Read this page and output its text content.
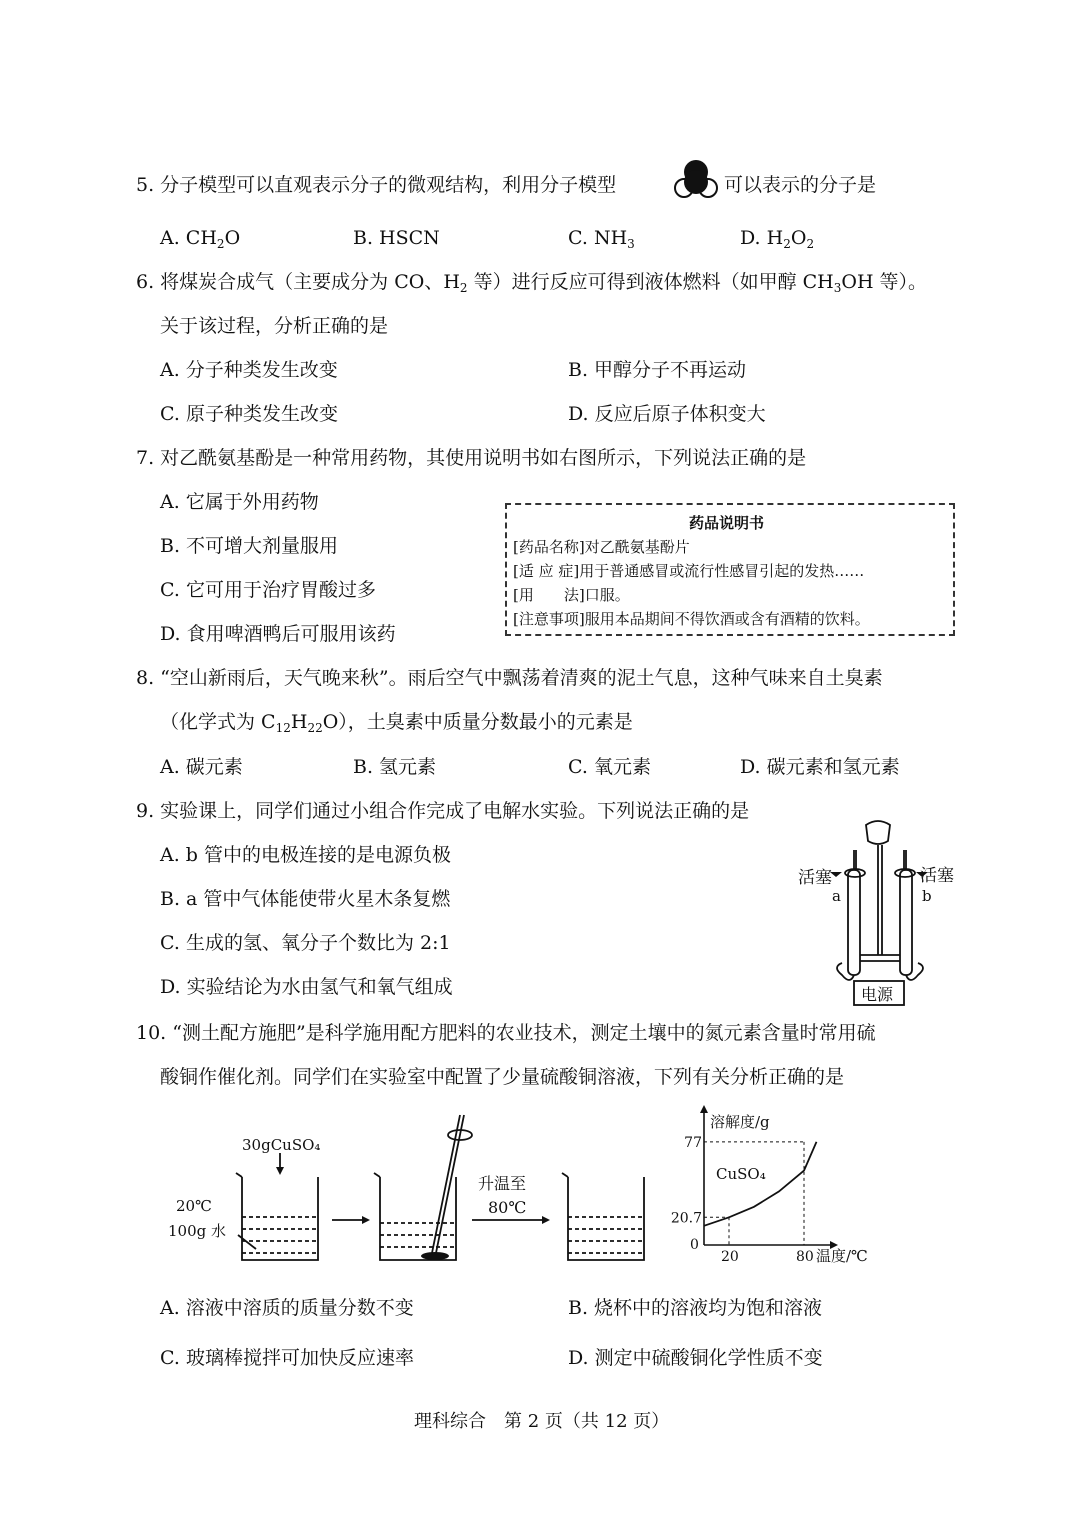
5. 分子模型可以直观表示分子的微观结构，利用分子模型	可以表示的分子是
A. $CH_2O$	B. HSCN	C. $NH_3$	D. $H_2O_2$
6. 将煤炭合成气（主要成分为 CO、$H_2$ 等）进行反应可得到液体燃料（如甲醇 $CH_3OH$ 等）。
关于该过程，分析正确的是
A. 分子种类发生改变	B. 甲醇分子不再运动
C. 原子种类发生改变	D. 反应后原子体积变大
7. 对乙酰氨基酚是一种常用药物，其使用说明书如右图所示，下列说法正确的是
A. 它属于外用药物
B. 不可增大剂量服用
C. 它可用于治疗胃酸过多
D. 食用啤酒鸭后可服用该药
药品说明书
[药品名称]对乙酰氨基酚片
[适 应 症]用于普通感冒或流行性感冒引起的发热……
[用　　法]口服。
[注意事项]服用本品期间不得饮酒或含有酒精的饮料。
8. “空山新雨后，天气晚来秋”。雨后空气中飘荡着清爽的泥土气息，这种气味来自土臭素
（化学式为 $C_{12}H_{22}O$），土臭素中质量分数最小的元素是
A. 碳元素	B. 氢元素	C. 氧元素	D. 碳元素和氢元素
9. 实验课上，同学们通过小组合作完成了电解水实验。下列说法正确的是
A. b 管中的电极连接的是电源负极
B. a 管中气体能使带火星木条复燃
C. 生成的氢、氧分子个数比为 2:1
D. 实验结论为水由氢气和氧气组成
活塞	活塞
a	b
电源
10. “测土配方施肥”是科学施用配方肥料的农业技术，测定土壤中的氮元素含量时常用硫
酸铜作催化剂。同学们在实验室中配置了少量硫酸铜溶液，下列有关分析正确的是
30gCuSO₄
20℃
100g 水
升温至
80℃
20	80
20.7
77
溶解度/g
温度/℃
CuSO₄
0
A. 溶液中溶质的质量分数不变	B. 烧杯中的溶液均为饱和溶液
C. 玻璃棒搅拌可加快反应速率	D. 测定中硫酸铜化学性质不变
理科综合　第 2 页（共 12 页）
